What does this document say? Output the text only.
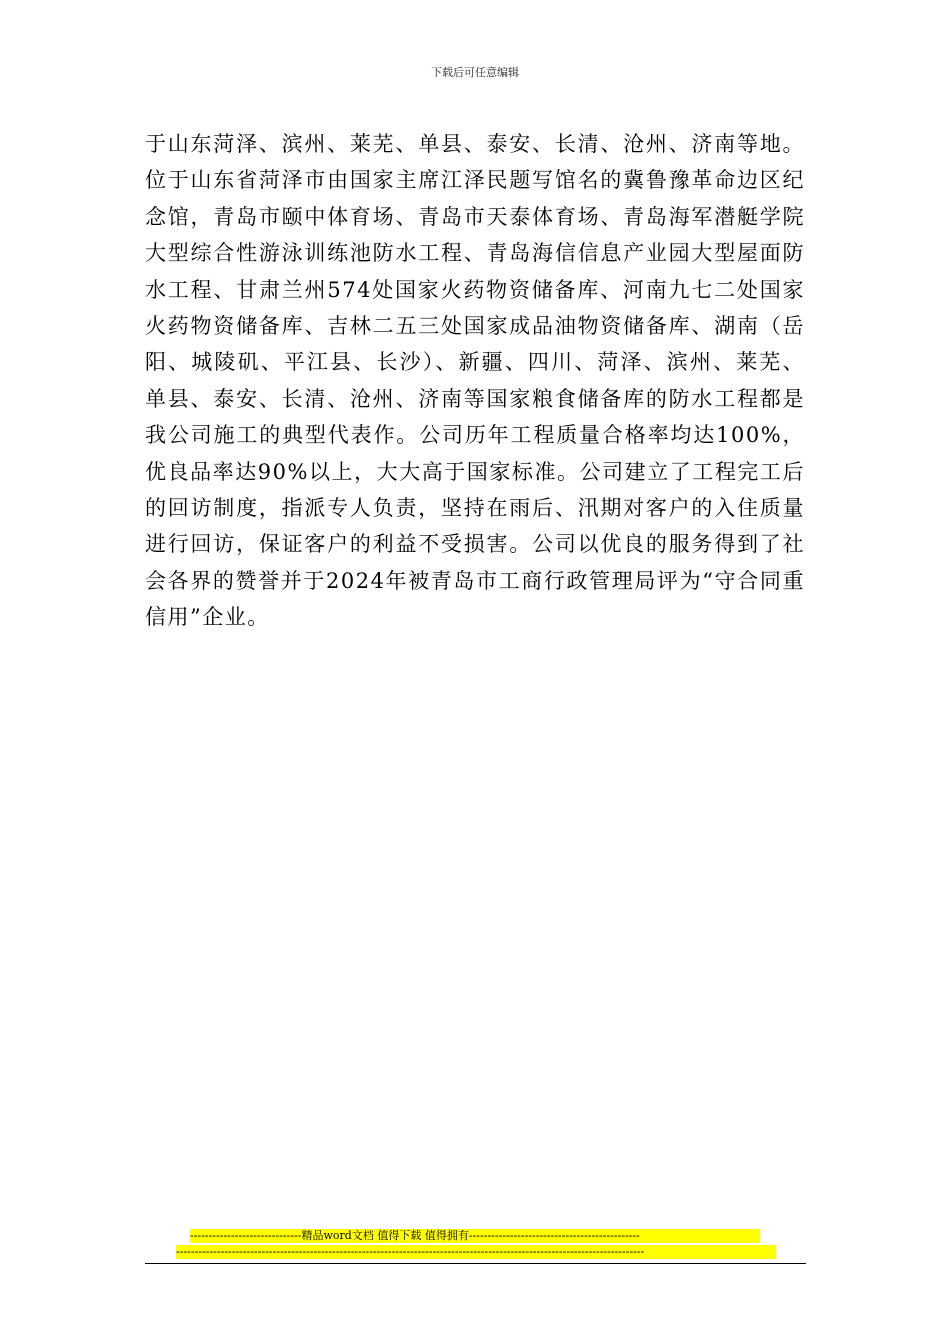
下载后可任意编辑

于山东菏泽、滨州、莱芜、单县、泰安、长清、沧州、济南等地。位于山东省菏泽市由国家主席江泽民题写馆名的冀鲁豫革命边区纪念馆，青岛市颐中体育场、青岛市天泰体育场、青岛海军潜艇学院大型综合性游泳训练池防水工程、青岛海信信息产业园大型屋面防水工程、甘肃兰州574处国家火药物资储备库、河南九七二处国家火药物资储备库、吉林二五三处国家成品油物资储备库、湖南（岳阳、城陵矶、平江县、长沙）、新疆、四川、菏泽、滨州、莱芜、单县、泰安、长清、沧州、济南等国家粮食储备库的防水工程都是我公司施工的典型代表作。公司历年工程质量合格率均达100%，优良品率达90%以上，大大高于国家标准。公司建立了工程完工后的回访制度，指派专人负责，坚持在雨后、汛期对客户的入住质量进行回访，保证客户的利益不受损害。公司以优良的服务得到了社会各界的赞誉并于2024年被青岛市工商行政管理局评为“守合同重信用”企业。

------------------------------精品word文档 值得下载 值得拥有----------------------------------------------
------------------------------------------------------------------------------------------------------------------------------
